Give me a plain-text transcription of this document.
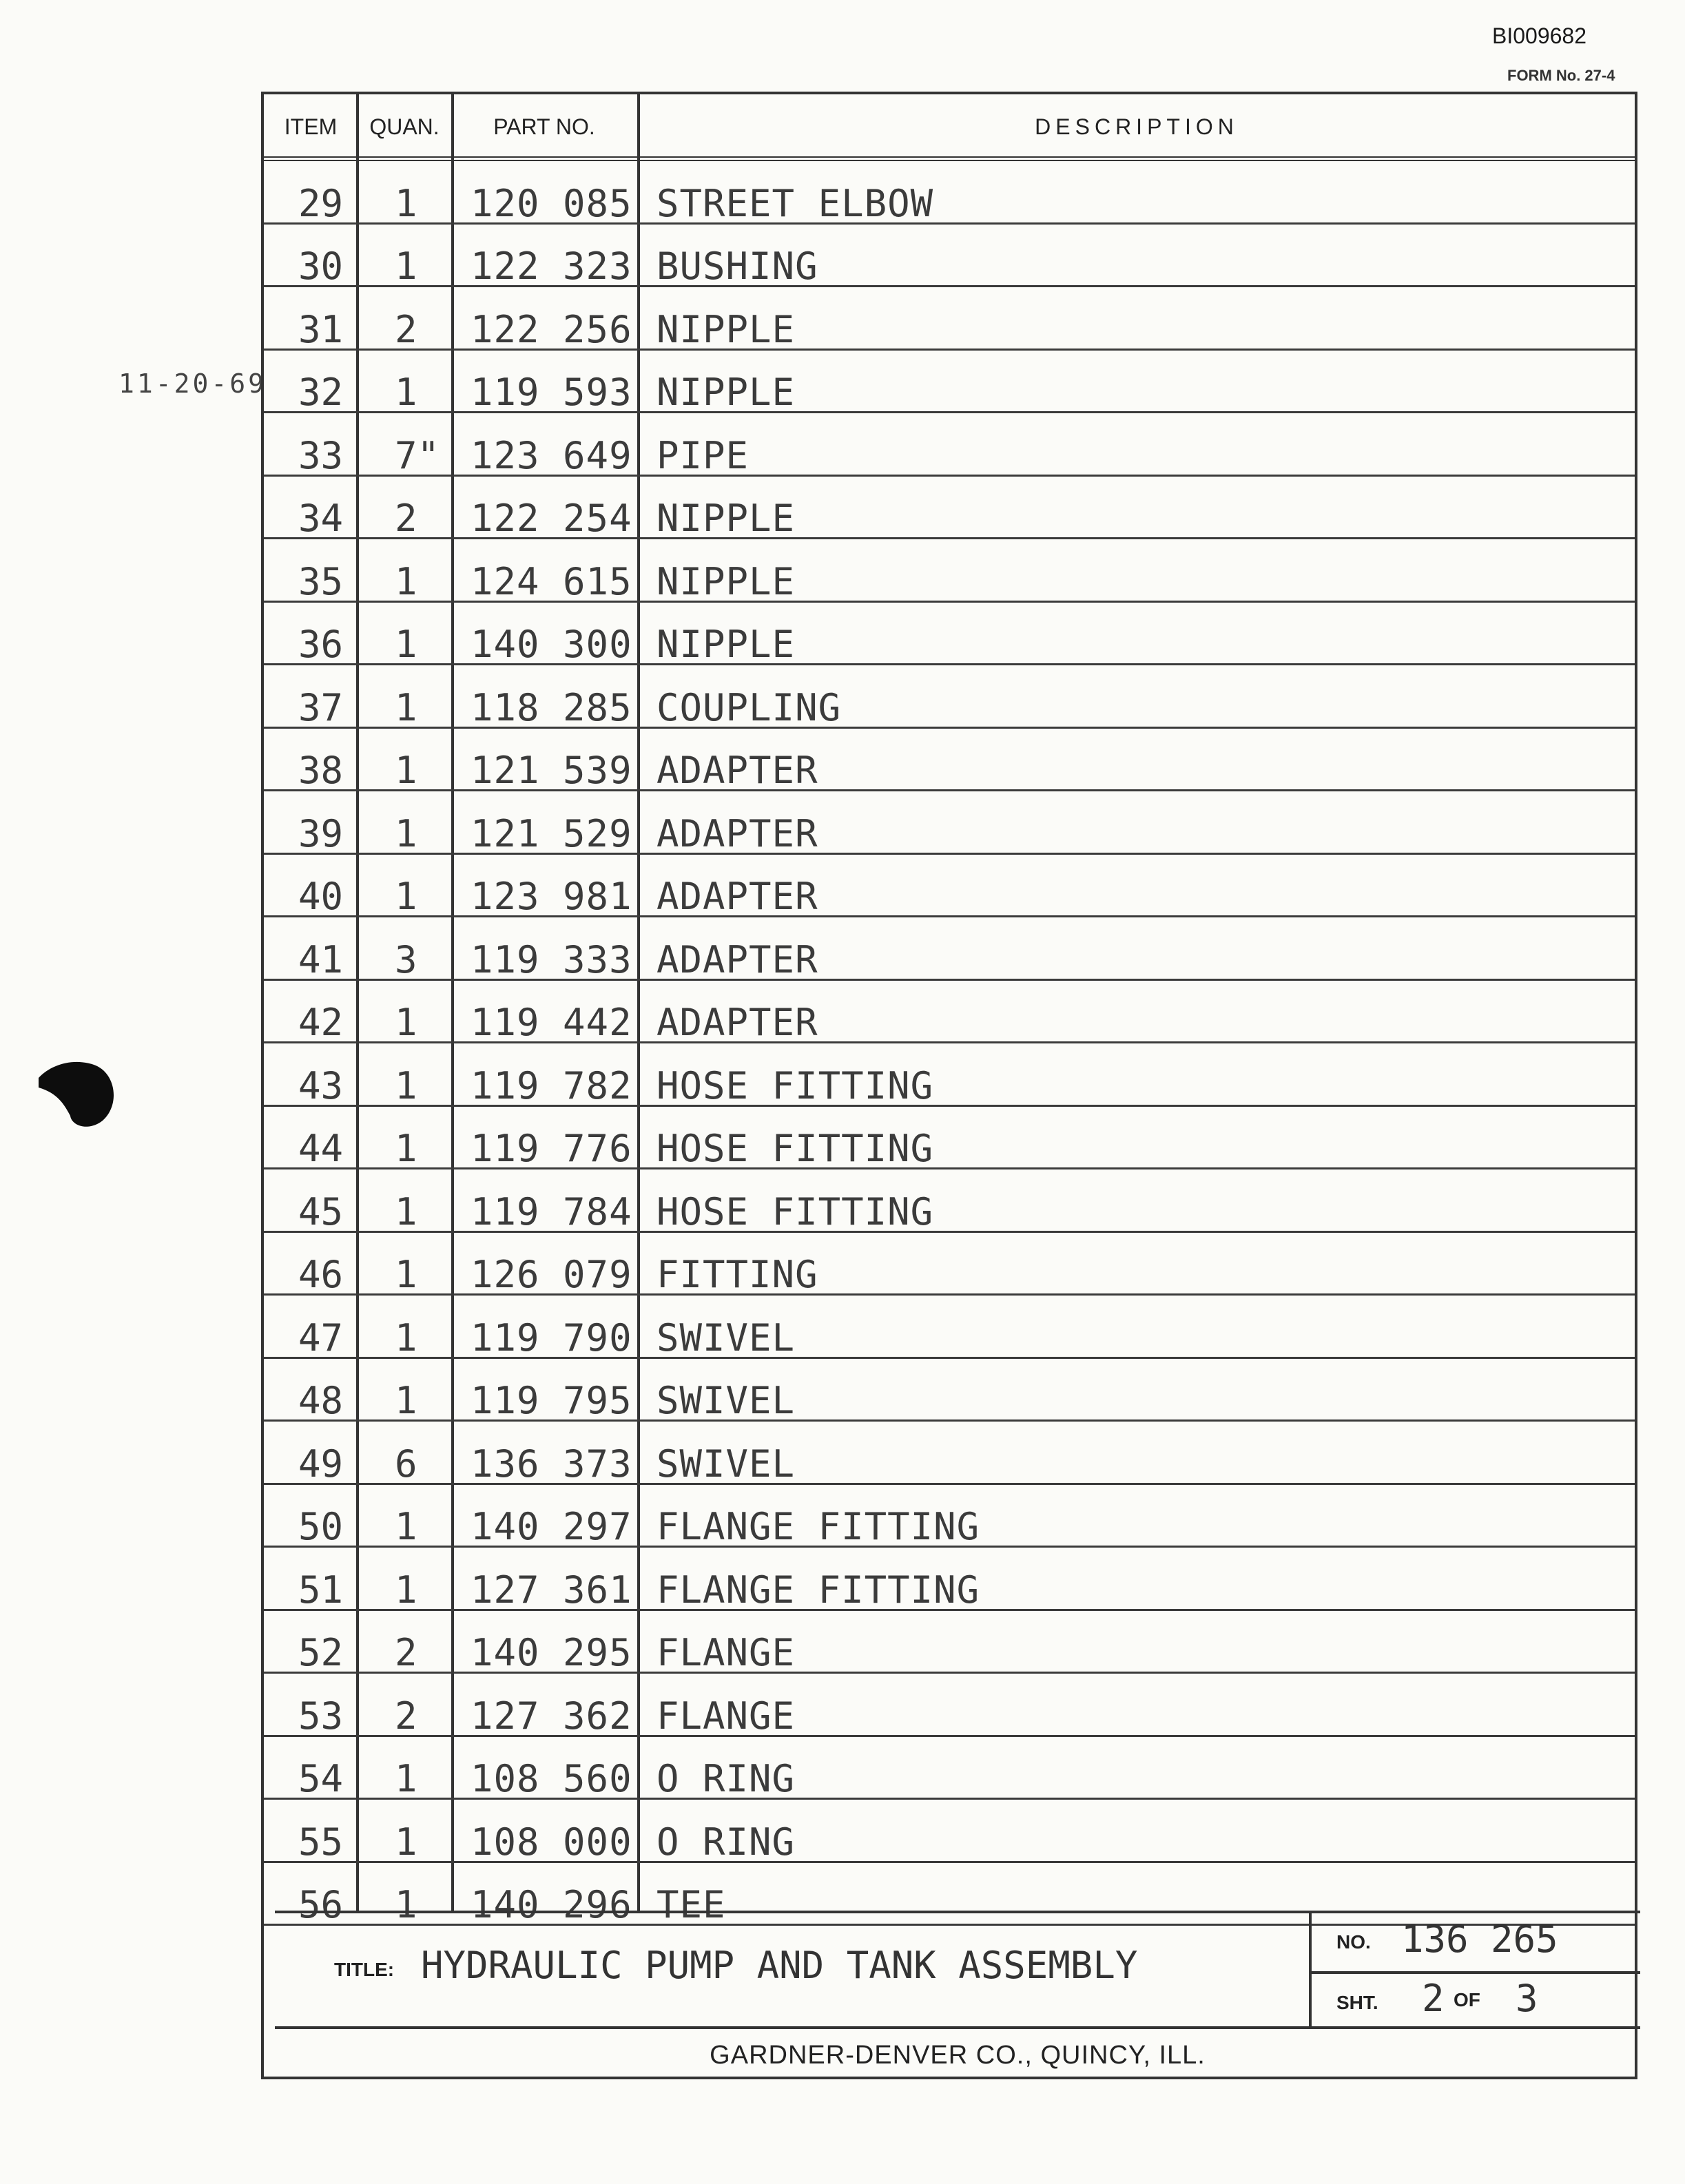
BI009682
FORM No. 27-4
11-20-69
ITEM	QUAN.	PART NO.	DESCRIPTION
29 1 120 085 STREET ELBOW
30 1 122 323 BUSHING
31 2 122 256 NIPPLE
32 1 119 593 NIPPLE
33 7" 123 649 PIPE
34 2 122 254 NIPPLE
35 1 124 615 NIPPLE
36 1 140 300 NIPPLE
37 1 118 285 COUPLING
38 1 121 539 ADAPTER
39 1 121 529 ADAPTER
40 1 123 981 ADAPTER
41 3 119 333 ADAPTER
42 1 119 442 ADAPTER
43 1 119 782 HOSE FITTING
44 1 119 776 HOSE FITTING
45 1 119 784 HOSE FITTING
46 1 126 079 FITTING
47 1 119 790 SWIVEL
48 1 119 795 SWIVEL
49 6 136 373 SWIVEL
50 1 140 297 FLANGE FITTING
51 1 127 361 FLANGE FITTING
52 2 140 295 FLANGE
53 2 127 362 FLANGE
54 1 108 560 O RING
55 1 108 000 O RING
56 1 140 296 TEE
TITLE: HYDRAULIC PUMP AND TANK ASSEMBLY
NO. 136 265
SHT. 2 OF 3
GARDNER-DENVER CO., QUINCY, ILL.
